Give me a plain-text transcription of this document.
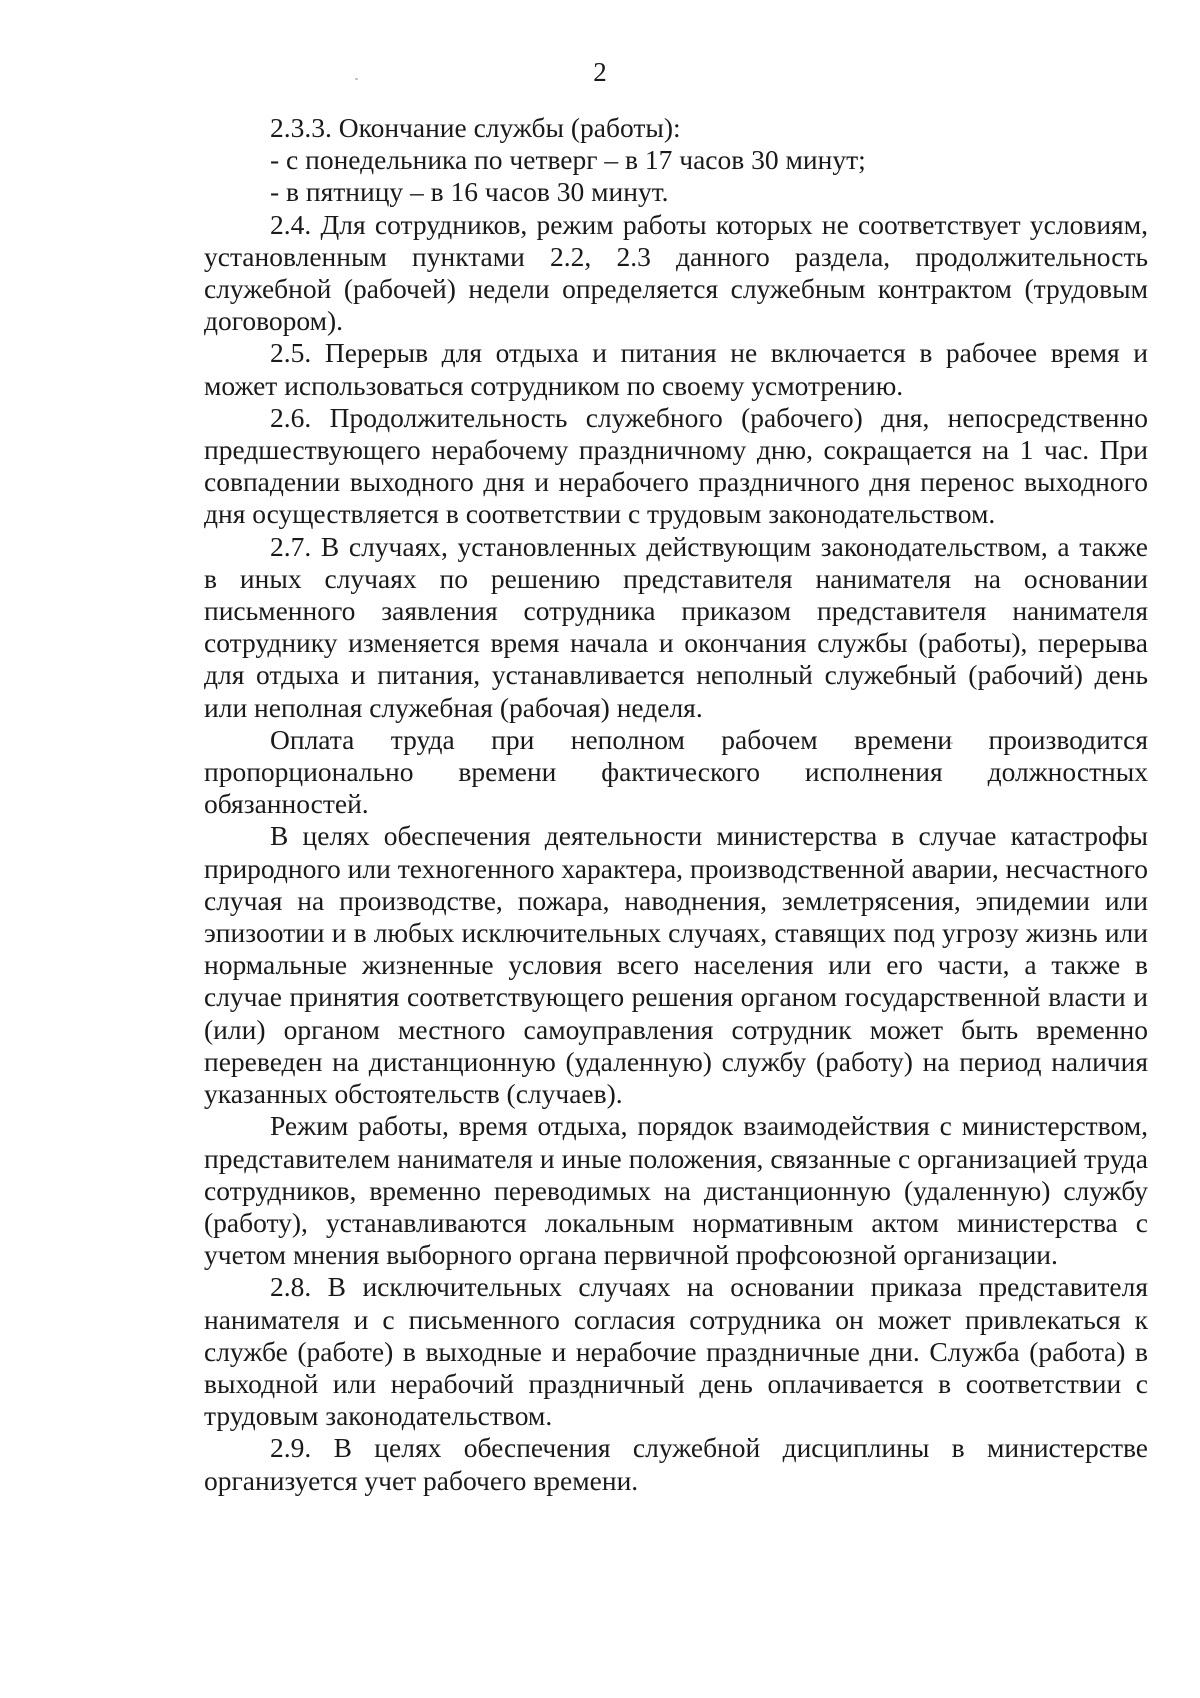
2

2.3.3. Окончание службы (работы):

- с понедельника по четверг – в 17 часов 30 минут;

- в пятницу – в 16 часов 30 минут.

2.4. Для сотрудников, режим работы которых не соответствует условиям, установленным пунктами 2.2, 2.3 данного раздела, продолжительность служебной (рабочей) недели определяется служебным контрактом (трудовым договором).

2.5. Перерыв для отдыха и питания не включается в рабочее время и может использоваться сотрудником по своему усмотрению.

2.6. Продолжительность служебного (рабочего) дня, непосредственно предшествующего нерабочему праздничному дню, сокращается на 1 час. При совпадении выходного дня и нерабочего праздничного дня перенос выходного дня осуществляется в соответствии с трудовым законодательством.

2.7. В случаях, установленных действующим законодательством, а также в иных случаях по решению представителя нанимателя на основании письменного заявления сотрудника приказом представителя нанимателя сотруднику изменяется время начала и окончания службы (работы), перерыва для отдыха и питания, устанавливается неполный служебный (рабочий) день или неполная служебная (рабочая) неделя.

Оплата труда при неполном рабочем времени производится пропорционально времени фактического исполнения должностных обязанностей.

В целях обеспечения деятельности министерства в случае катастрофы природного или техногенного характера, производственной аварии, несчастного случая на производстве, пожара, наводнения, землетрясения, эпидемии или эпизоотии и в любых исключительных случаях, ставящих под угрозу жизнь или нормальные жизненные условия всего населения или его части, а также в случае принятия соответствующего решения органом государственной власти и (или) органом местного самоуправления сотрудник может быть временно переведен на дистанционную (удаленную) службу (работу) на период наличия указанных обстоятельств (случаев).

Режим работы, время отдыха, порядок взаимодействия с министерством, представителем нанимателя и иные положения, связанные с организацией труда сотрудников, временно переводимых на дистанционную (удаленную) службу (работу), устанавливаются локальным нормативным актом министерства с учетом мнения выборного органа первичной профсоюзной организации.

2.8. В исключительных случаях на основании приказа представителя нанимателя и с письменного согласия сотрудника он может привлекаться к службе (работе) в выходные и нерабочие праздничные дни. Служба (работа) в выходной или нерабочий праздничный день оплачивается в соответствии с трудовым законодательством.

2.9. В целях обеспечения служебной дисциплины в министерстве организуется учет рабочего времени.
